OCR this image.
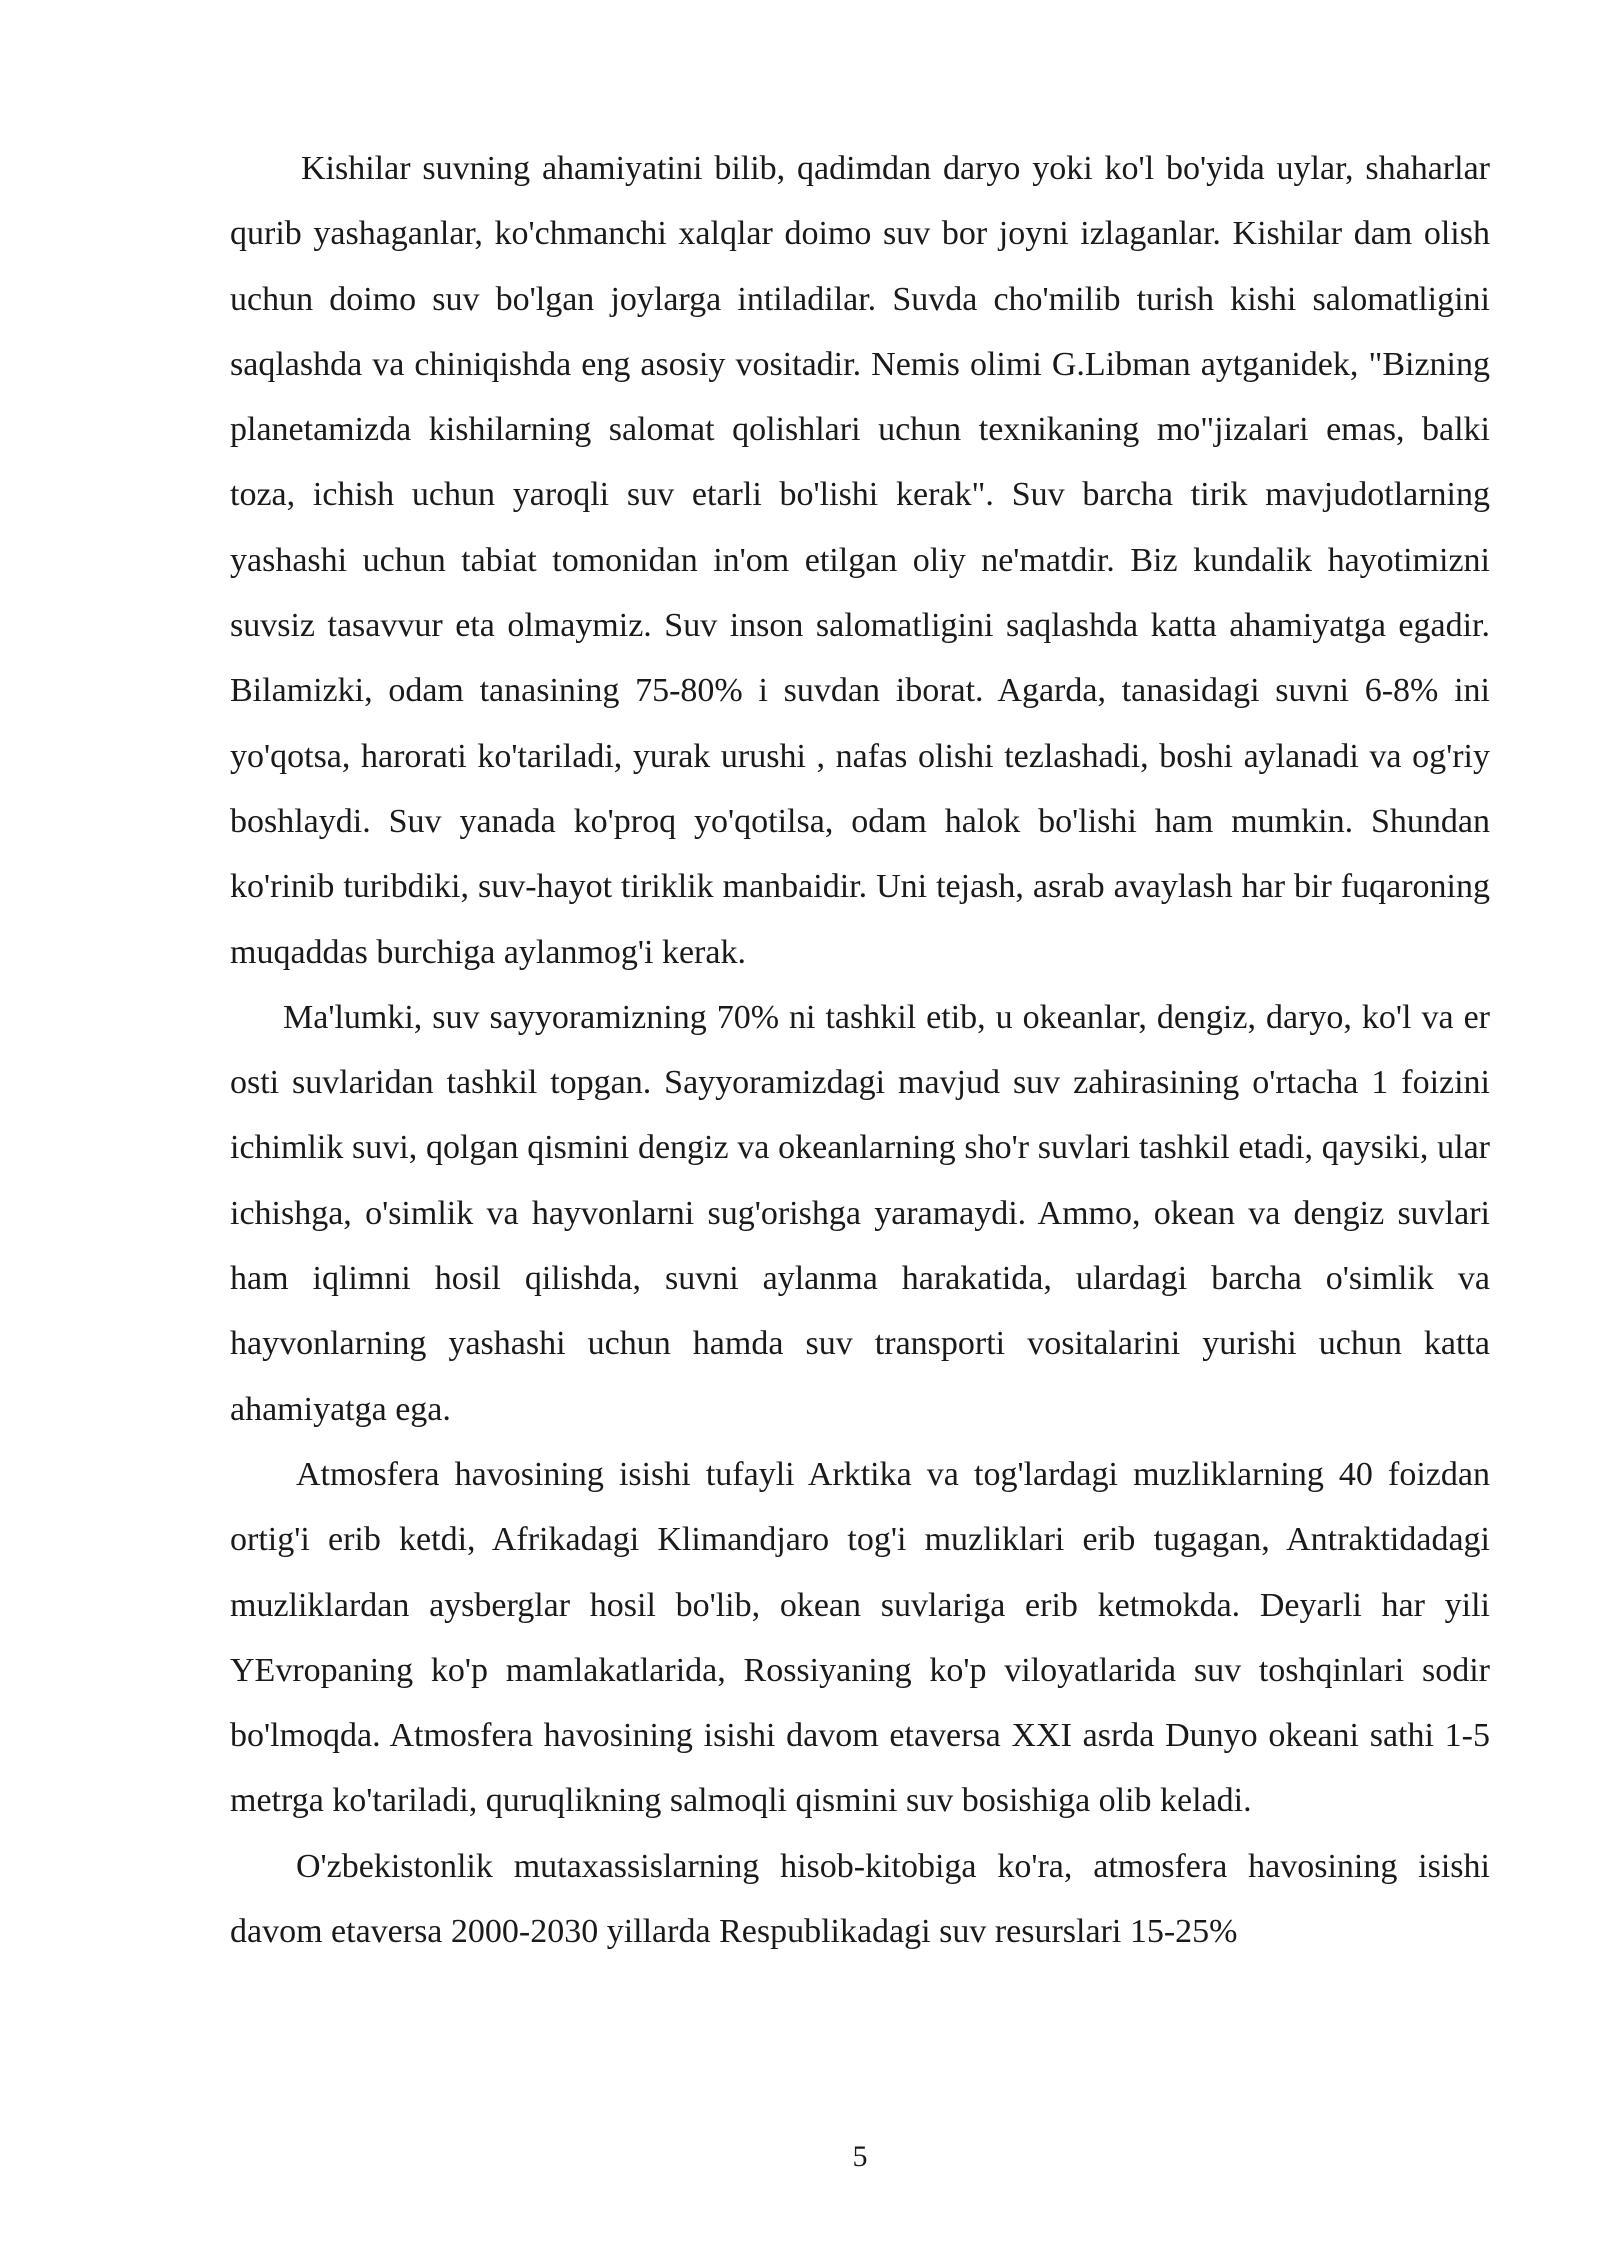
Kishilar suvning ahamiyatini bilib, qadimdan daryo yoki ko'l bo'yida uylar, shaharlar qurib yashaganlar, ko'chmanchi xalqlar doimo suv bor joyni izlaganlar. Kishilar dam olish uchun doimo suv bo'lgan joylarga intiladilar. Suvda cho'milib turish kishi salomatligini saqlashda va chiniqishda eng asosiy vositadir. Nemis olimi G.Libman aytganidek, "Bizning planetamizda kishilarning salomat qolishlari uchun texnikaning mo"jizalari emas, balki toza, ichish uchun yaroqli suv etarli bo'lishi kerak". Suv barcha tirik mavjudotlarning yashashi uchun tabiat tomonidan in'om etilgan oliy ne'matdir. Biz kundalik hayotimizni suvsiz tasavvur eta olmaymiz. Suv inson salomatligini saqlashda katta ahamiyatga egadir. Bilamizki, odam tanasining 75-80% i suvdan iborat. Agarda, tanasidagi suvni 6-8% ini yo'qotsa, harorati ko'tariladi, yurak urushi , nafas olishi tezlashadi, boshi aylanadi va og'riy boshlaydi. Suv yanada ko'proq yo'qotilsa, odam halok bo'lishi ham mumkin. Shundan ko'rinib turibdiki, suv-hayot tiriklik manbaidir. Uni tejash, asrab avaylash har bir fuqaroning muqaddas burchiga aylanmog'i kerak.

Ma'lumki, suv sayyoramizning 70% ni tashkil etib, u okeanlar, dengiz, daryo, ko'l va er osti suvlaridan tashkil topgan. Sayyoramizdagi mavjud suv zahirasining o'rtacha 1 foizini ichimlik suvi, qolgan qismini dengiz va okeanlarning sho'r suvlari tashkil etadi, qaysiki, ular ichishga, o'simlik va hayvonlarni sug'orishga yaramaydi. Ammo, okean va dengiz suvlari ham iqlimni hosil qilishda, suvni aylanma harakatida, ulardagi barcha o'simlik va hayvonlarning yashashi uchun hamda suv transporti vositalarini yurishi uchun katta ahamiyatga ega.

Atmosfera havosining isishi tufayli Arktika va tog'lardagi muzliklarning 40 foizdan ortig'i erib ketdi, Afrikadagi Klimandjaro tog'i muzliklari erib tugagan, Antraktidadagi muzliklardan aysberglar hosil bo'lib, okean suvlariga erib ketmokda. Deyarli har yili YEvropaning ko'p mamlakatlarida, Rossiyaning ko'p viloyatlarida suv toshqinlari sodir bo'lmoqda. Atmosfera havosining isishi davom etaversa XXI asrda Dunyo okeani sathi 1-5 metrga ko'tariladi, quruqlikning salmoqli qismini suv bosishiga olib keladi.

O'zbekistonlik mutaxassislarning hisob-kitobiga ko'ra, atmosfera havosining isishi davom etaversa 2000-2030 yillarda Respublikadagi suv resurslari 15-25%

5
